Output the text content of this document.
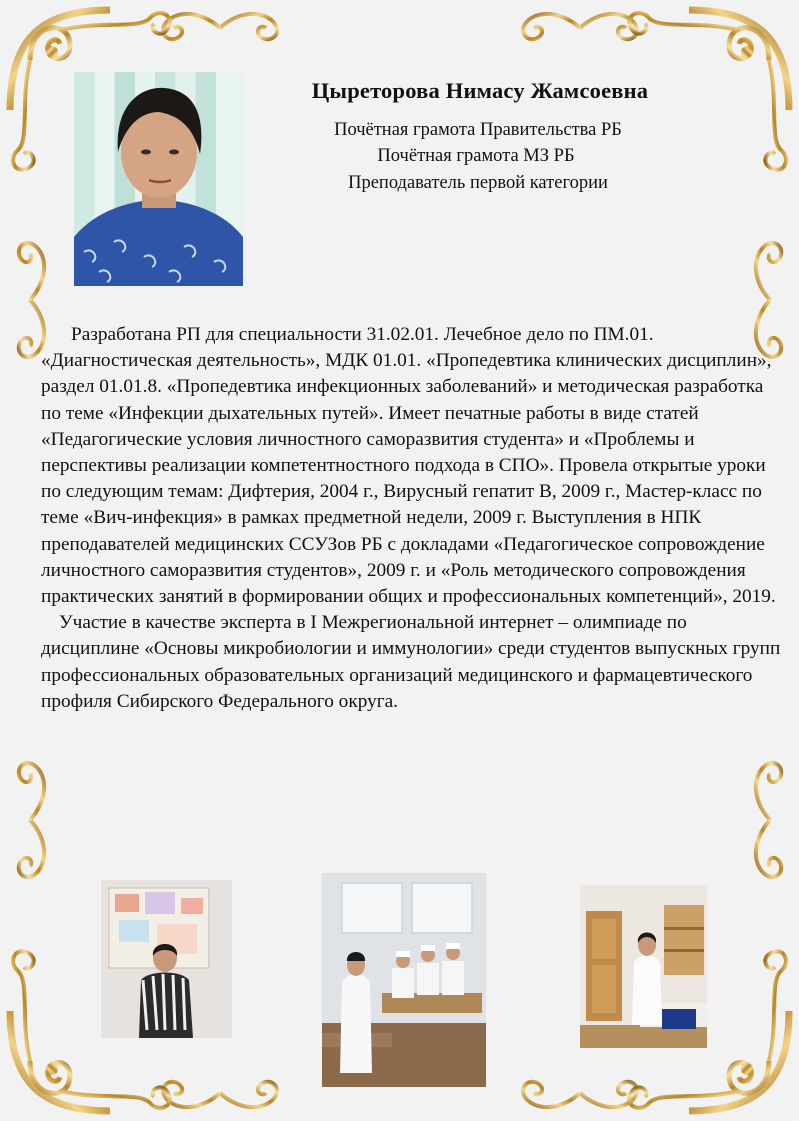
Цыреторова Нимасу Жамсоевна
Почётная грамота Правительства РБ
Почётная грамота МЗ РБ
Преподаватель первой категории

Разработана РП для специальности 31.02.01. Лечебное дело по ПМ.01. «Диагностическая деятельность», МДК 01.01. «Пропедевтика клинических дисциплин», раздел 01.01.8. «Пропедевтика инфекционных заболеваний» и методическая разработка по теме «Инфекции дыхательных путей». Имеет печатные работы в виде статей «Педагогические условия личностного саморазвития студента» и «Проблемы и перспективы реализации компетентностного подхода в СПО». Провела открытые уроки по следующим темам: Дифтерия, 2004 г., Вирусный гепатит В, 2009 г., Мастер-класс по теме «Вич-инфекция» в рамках предметной недели, 2009 г. Выступления в НПК преподавателей медицинских ССУЗов РБ с докладами «Педагогическое сопровождение личностного саморазвития студентов», 2009 г. и «Роль методического сопровождения практических занятий в формировании общих и профессиональных компетенций», 2019.

Участие в качестве эксперта в I Межрегиональной интернет – олимпиаде по дисциплине «Основы микробиологии и иммунологии» среди студентов выпускных групп профессиональных образовательных организаций медицинского и фармацевтического профиля Сибирского Федерального округа.
